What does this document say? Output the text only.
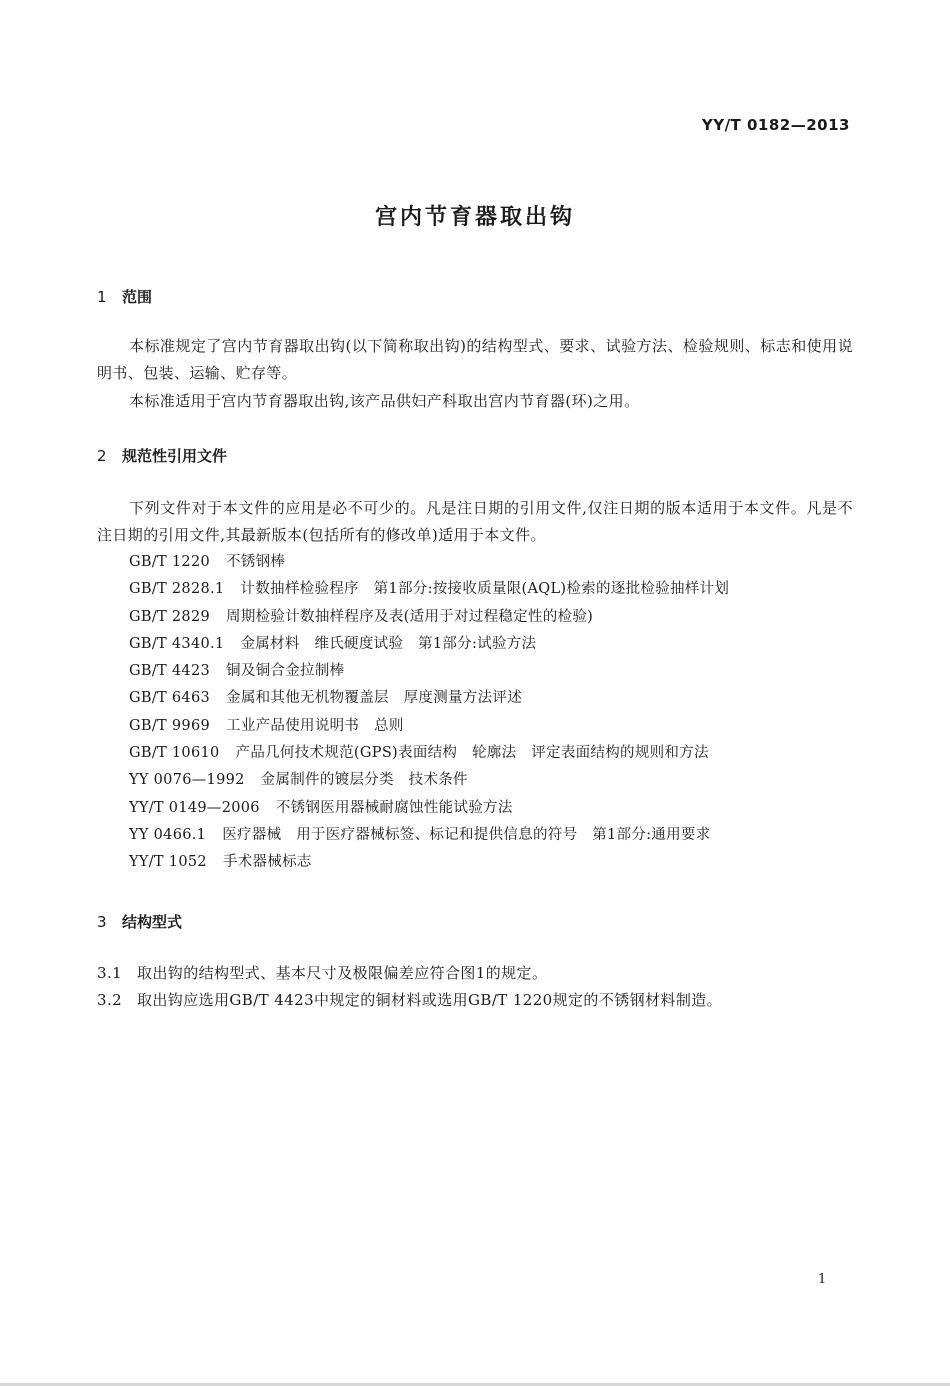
YY/T 0182—2013
宫内节育器取出钩
1 范围
本标准规定了宫内节育器取出钩(以下简称取出钩)的结构型式、要求、试验方法、检验规则、标志和使用说明书、包装、运输、贮存等。
本标准适用于宫内节育器取出钩,该产品供妇产科取出宫内节育器(环)之用。
2 规范性引用文件
下列文件对于本文件的应用是必不可少的。凡是注日期的引用文件,仅注日期的版本适用于本文件。凡是不注日期的引用文件,其最新版本(包括所有的修改单)适用于本文件。
GB/T 1220 不锈钢棒
GB/T 2828.1 计数抽样检验程序　第1部分:按接收质量限(AQL)检索的逐批检验抽样计划
GB/T 2829 周期检验计数抽样程序及表(适用于对过程稳定性的检验)
GB/T 4340.1 金属材料　维氏硬度试验　第1部分:试验方法
GB/T 4423 铜及铜合金拉制棒
GB/T 6463 金属和其他无机物覆盖层　厚度测量方法评述
GB/T 9969 工业产品使用说明书　总则
GB/T 10610 产品几何技术规范(GPS)表面结构　轮廓法　评定表面结构的规则和方法
YY 0076—1992 金属制件的镀层分类　技术条件
YY/T 0149—2006 不锈钢医用器械耐腐蚀性能试验方法
YY 0466.1 医疗器械　用于医疗器械标签、标记和提供信息的符号　第1部分:通用要求
YY/T 1052 手术器械标志
3 结构型式
3.1 取出钩的结构型式、基本尺寸及极限偏差应符合图1的规定。
3.2 取出钩应选用GB/T 4423中规定的铜材料或选用GB/T 1220规定的不锈钢材料制造。
1
